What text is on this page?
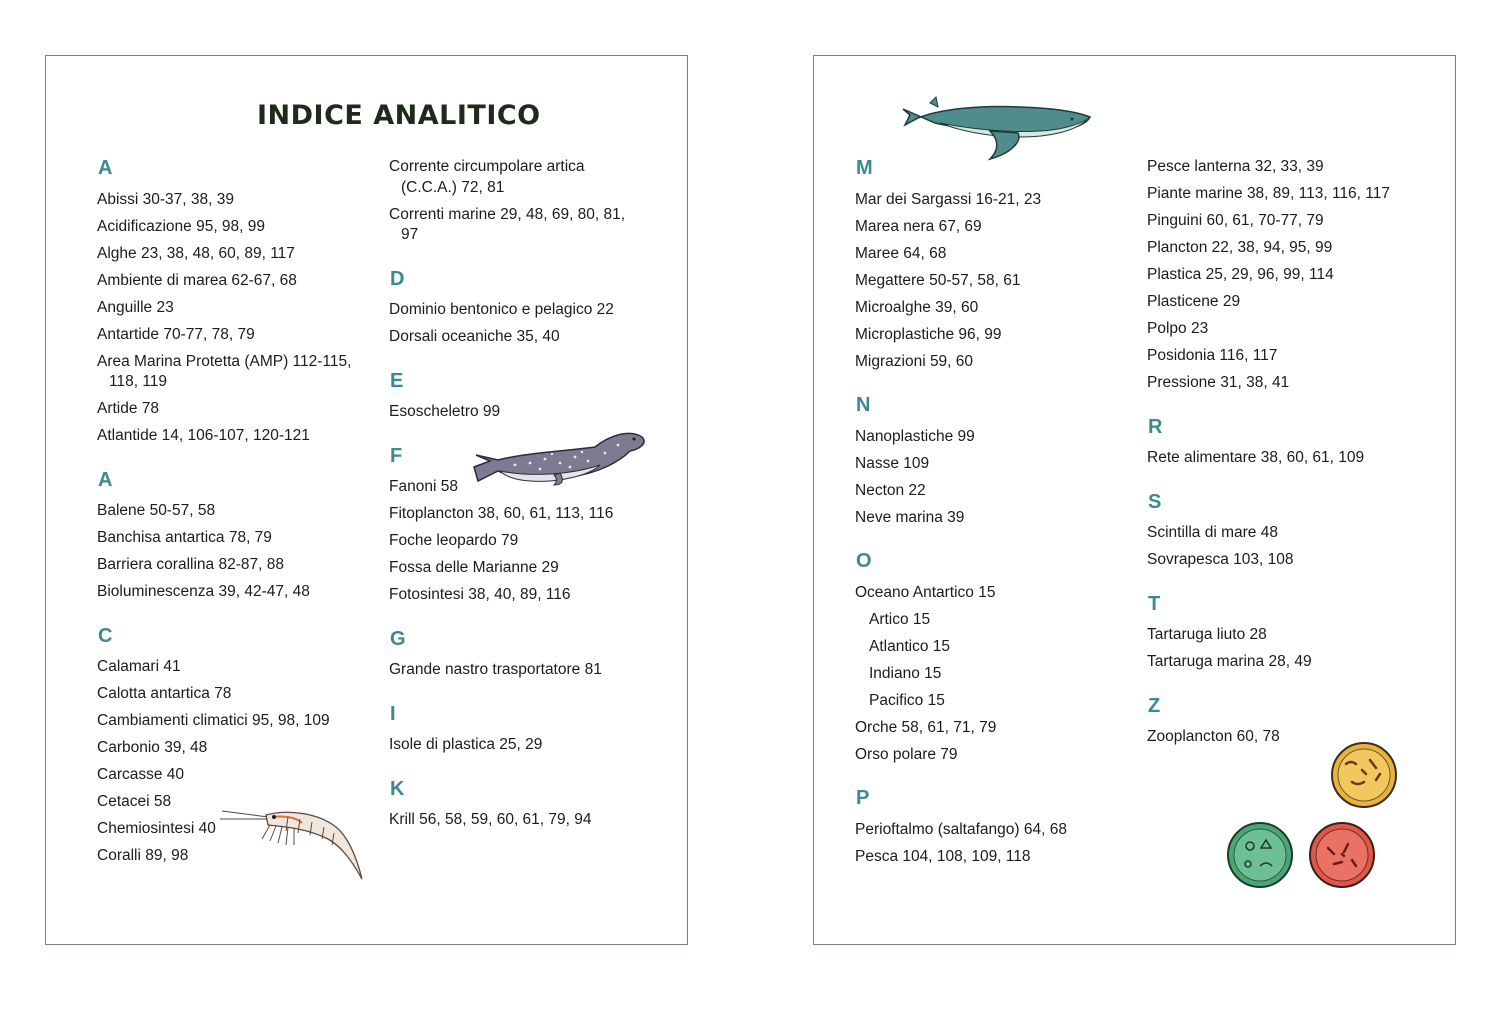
INDICE ANALITICO
A
Abissi 30-37, 38, 39
Acidificazione 95, 98, 99
Alghe 23, 38, 48, 60, 89, 117
Ambiente di marea 62-67, 68
Anguille 23
Antartide 70-77, 78, 79
Area Marina Protetta (AMP) 112-115, 118, 119
Artide 78
Atlantide 14, 106-107, 120-121
A
Balene 50-57, 58
Banchisa antartica 78, 79
Barriera corallina 82-87, 88
Bioluminescenza 39, 42-47, 48
C
Calamari 41
Calotta antartica 78
Cambiamenti climatici 95, 98, 109
Carbonio 39, 48
Carcasse 40
Cetacei 58
Chemiosintesi 40
Coralli 89, 98
Corrente circumpolare artica (C.C.A.) 72, 81
Correnti marine 29, 48, 69, 80, 81, 97
D
Dominio bentonico e pelagico 22
Dorsali oceaniche 35, 40
E
Esoscheletro 99
F
Fanoni 58
Fitoplancton 38, 60, 61, 113, 116
Foche leopardo 79
Fossa delle Marianne 29
Fotosintesi 38, 40, 89, 116
G
Grande nastro trasportatore 81
I
Isole di plastica 25, 29
K
Krill 56, 58, 59, 60, 61, 79, 94
M
Mar dei Sargassi 16-21, 23
Marea nera 67, 69
Maree 64, 68
Megattere 50-57, 58, 61
Microalghe 39, 60
Microplastiche 96, 99
Migrazioni 59, 60
N
Nanoplastiche 99
Nasse 109
Necton 22
Neve marina 39
O
Oceano Antartico 15
Artico 15
Atlantico 15
Indiano 15
Pacifico 15
Orche 58, 61, 71, 79
Orso polare 79
P
Perioftalmo (saltafango) 64, 68
Pesca 104, 108, 109, 118
Pesce lanterna 32, 33, 39
Piante marine 38, 89, 113, 116, 117
Pinguini 60, 61, 70-77, 79
Plancton 22, 38, 94, 95, 99
Plastica 25, 29, 96, 99, 114
Plasticene 29
Polpo 23
Posidonia 116, 117
Pressione 31, 38, 41
R
Rete alimentare 38, 60, 61, 109
S
Scintilla di mare 48
Sovrapesca 103, 108
T
Tartaruga liuto 28
Tartaruga marina 28, 49
Z
Zooplancton 60, 78
